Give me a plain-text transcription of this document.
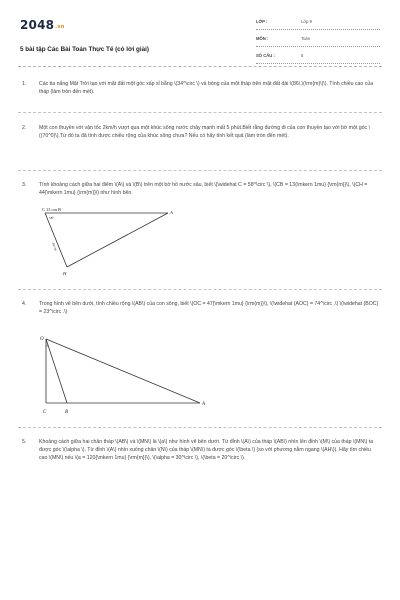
2048.vn
5 bài tập Các Bài Toán Thực Tế (có lời giải)
LỚP :	Lớp 9
MÔN :	Toán
SỐ CÂU :	5
1. Các tia nắng Mặt Trời tạo với mặt đất một góc xấp xỉ bằng \(34^\circ \) và bóng của một tháp trên mặt đất dài \(86\,\(\rm{m}\)\). Tính chiều cao của tháp (làm tròn đến mét).
2. Một con thuyền với vận tốc 2km/h vượt qua một khúc sông nước chảy mạnh mất 5 phút.Biết rằng đường đi của con thuyền tạo với bờ một góc \((70^0)\).Từ đó ta đã tính được chiều rộng của khúc sông chưa? Nếu có hãy tính kết quả (làm tròn đến mét).
3. Tính khoảng cách giữa hai điểm \(A\) và \(B\) trên một bờ hồ nước sâu, biết \(\widehat C = 58^\circ \), \(CB = 13{\mkern 1mu} {\rm{m}}\), \(CH = 44{\mkern 1mu} {\rm{m}}\) như hình bên.
C 13 cm B
58°
A
H
44 cm
4. Trong hình vẽ bên dưới, tính chiều rộng \(AB\) của con sông, biết \(OC = 47{\mkern 1mu} {\rm{m}}\), \(\widehat {AOC} = 74^\circ ,\) \(\widehat {BOC} = 23^\circ .\)
O
C	B
A
5. Khoảng cách giữa hai chân tháp \(AB\) và \(MN\) là \(a\) như hình vẽ bên dưới. Từ đỉnh \(A\) của tháp \(AB\) nhìn lên đỉnh \(M\) của tháp \(MN\) ta được góc \(\alpha \). Từ đỉnh \(A\) nhìn xuống chân \(N\) của tháp \(MN\) ta được góc \(\beta \) (so với phương nằm ngang \(AH\)). Hãy tìm chiều cao \(MN\) nếu \(a = 120{\mkern 1mu} {\rm{m}}\), \(\alpha = 30^\circ \), \(\beta = 20^\circ \).
